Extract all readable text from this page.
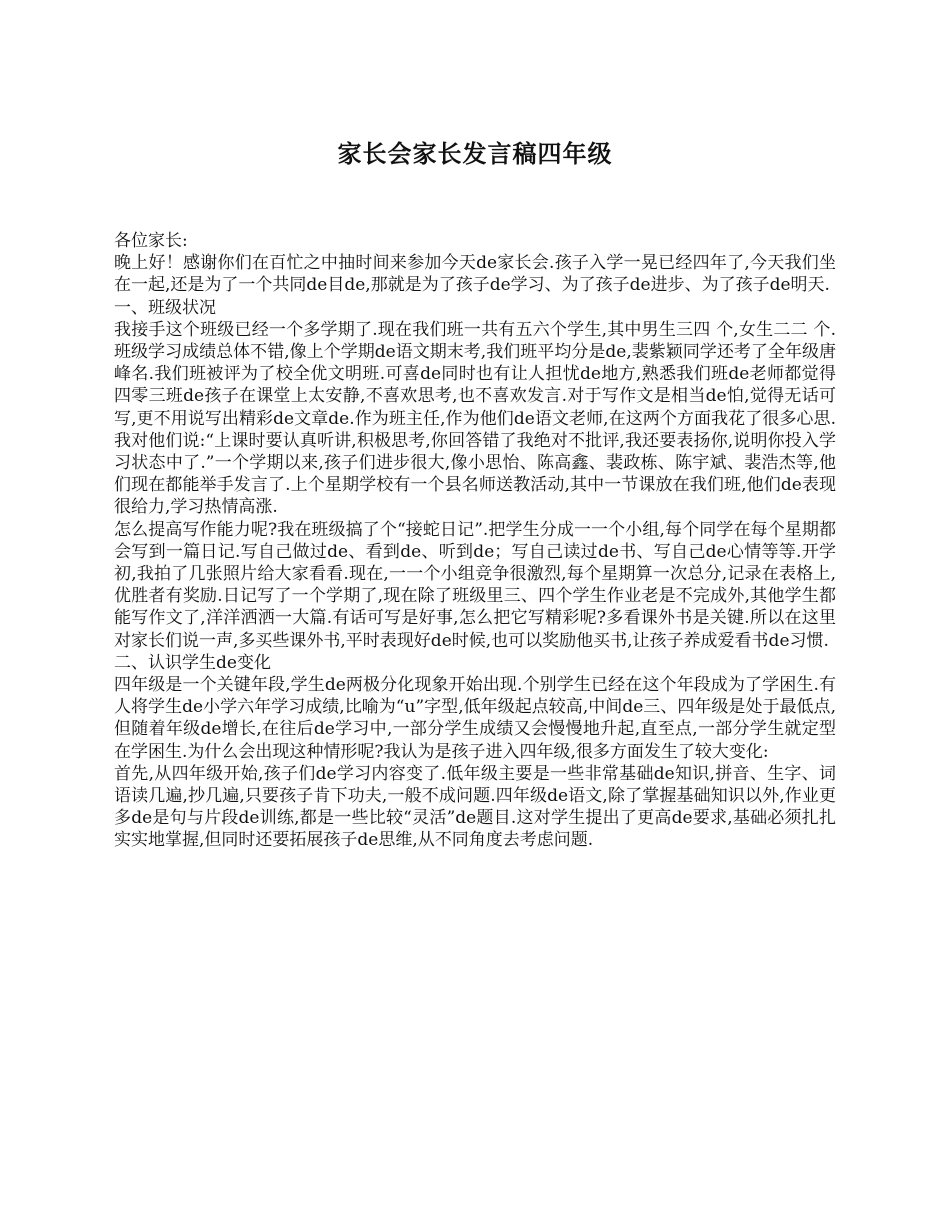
家长会家长发言稿四年级

各位家长:

晚上好！感谢你们在百忙之中抽时间来参加今天de家长会.孩子入学一晃已经四年了,今天我们坐在一起,还是为了一个共同de目de,那就是为了孩子de学习、为了孩子de进步、为了孩子de明天.

一、班级状况

我接手这个班级已经一个多学期了.现在我们班一共有五六个学生,其中男生三四 个,女生二二 个.班级学习成绩总体不错,像上个学期de语文期末考,我们班平均分是de,裴紫颖同学还考了全年级唐峰名.我们班被评为了校全优文明班.可喜de同时也有让人担忧de地方,熟悉我们班de老师都觉得四零三班de孩子在课堂上太安静,不喜欢思考,也不喜欢发言.对于写作文是相当de怕,觉得无话可写,更不用说写出精彩de文章de.作为班主任,作为他们de语文老师,在这两个方面我花了很多心思.我对他们说:“上课时要认真听讲,积极思考,你回答错了我绝对不批评,我还要表扬你,说明你投入学习状态中了.”一个学期以来,孩子们进步很大,像小思怡、陈高鑫、裴政栋、陈宇斌、裴浩杰等,他们现在都能举手发言了.上个星期学校有一个县名师送教活动,其中一节课放在我们班,他们de表现很给力,学习热情高涨.

怎么提高写作能力呢?我在班级搞了个“接蛇日记”.把学生分成一一个小组,每个同学在每个星期都会写到一篇日记.写自己做过de、看到de、听到de；写自己读过de书、写自己de心情等等.开学初,我拍了几张照片给大家看看.现在,一一个小组竞争很激烈,每个星期算一次总分,记录在表格上,优胜者有奖励.日记写了一个学期了,现在除了班级里三、四个学生作业老是不完成外,其他学生都能写作文了,洋洋洒洒一大篇.有话可写是好事,怎么把它写精彩呢?多看课外书是关键.所以在这里对家长们说一声,多买些课外书,平时表现好de时候,也可以奖励他买书,让孩子养成爱看书de习惯.

二、认识学生de变化

四年级是一个关键年段,学生de两极分化现象开始出现.个别学生已经在这个年段成为了学困生.有人将学生de小学六年学习成绩,比喻为“u”字型,低年级起点较高,中间de三、四年级是处于最低点,但随着年级de增长,在往后de学习中,一部分学生成绩又会慢慢地升起,直至点,一部分学生就定型在学困生.为什么会出现这种情形呢?我认为是孩子进入四年级,很多方面发生了较大变化:

首先,从四年级开始,孩子们de学习内容变了.低年级主要是一些非常基础de知识,拼音、生字、词语读几遍,抄几遍,只要孩子肯下功夫,一般不成问题.四年级de语文,除了掌握基础知识以外,作业更多de是句与片段de训练,都是一些比较“灵活”de题目.这对学生提出了更高de要求,基础必须扎扎实实地掌握,但同时还要拓展孩子de思维,从不同角度去考虑问题.
